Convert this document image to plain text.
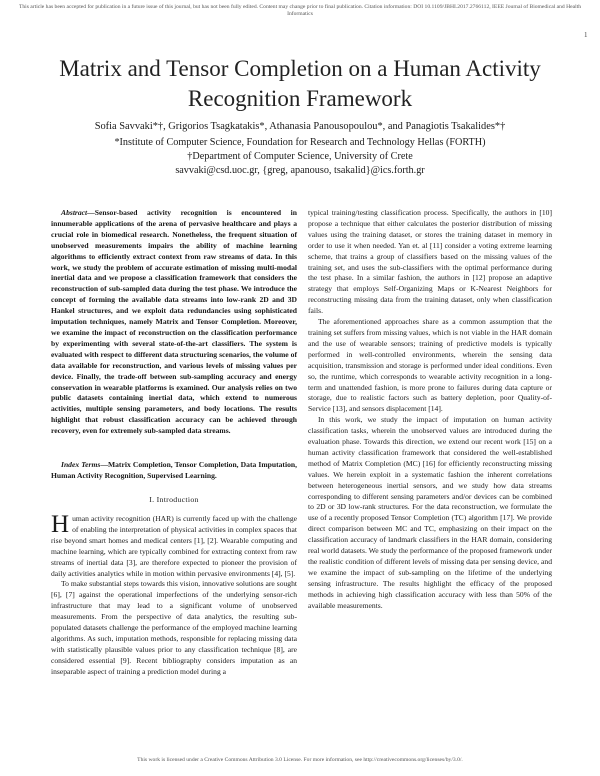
This article has been accepted for publication in a future issue of this journal, but has not been fully edited. Content may change prior to final publication. Citation information: DOI 10.1109/JBHI.2017.2766112, IEEE Journal of Biomedical and Health Informatics
1
Matrix and Tensor Completion on a Human Activity Recognition Framework
Sofia Savvaki*†, Grigorios Tsagkatakis*, Athanasia Panousopoulou*, and Panagiotis Tsakalides*†
*Institute of Computer Science, Foundation for Research and Technology Hellas (FORTH)
†Department of Computer Science, University of Crete
savvaki@csd.uoc.gr, {greg, apanouso, tsakalid}@ics.forth.gr

Abstract—Sensor-based activity recognition is encountered in innumerable applications of the arena of pervasive healthcare and plays a crucial role in biomedical research. Nonetheless, the frequent situation of unobserved measurements impairs the ability of machine learning algorithms to efficiently extract context from raw streams of data. In this work, we study the problem of accurate estimation of missing multi-modal inertial data and we propose a classification framework that considers the reconstruction of sub-sampled data during the test phase. We introduce the concept of forming the available data streams into low-rank 2D and 3D Hankel structures, and we exploit data redundancies using sophisticated imputation techniques, namely Matrix and Tensor Completion. Moreover, we examine the impact of reconstruction on the classification performance by experimenting with several state-of-the-art classifiers. The system is evaluated with respect to different data structuring scenarios, the volume of data available for reconstruction, and various levels of missing values per device. Finally, the trade-off between sub-sampling accuracy and energy conservation in wearable platforms is examined. Our analysis relies on two public datasets containing inertial data, which extend to numerous activities, multiple sensing parameters, and body locations. The results highlight that robust classification accuracy can be achieved through recovery, even for extremely sub-sampled data streams.

Index Terms—Matrix Completion, Tensor Completion, Data Imputation, Human Activity Recognition, Supervised Learning.

I. Introduction

Human activity recognition (HAR) is currently faced up with the challenge of enabling the interpretation of physical activities in complex spaces that rise beyond smart homes and medical centers [1], [2]. Wearable computing and machine learning, which are typically combined for extracting context from raw streams of inertial data [3], are therefore expected to pioneer the provision of daily activities analytics while in motion within pervasive environments [4], [5].

To make substantial steps towards this vision, innovative solutions are sought [6], [7] against the operational imperfections of the underlying sensor-rich infrastructure that may lead to a significant volume of unobserved measurements. From the perspective of data analytics, the resulting sub-populated datasets challenge the performance of the employed machine learning algorithms. As such, imputation methods, responsible for replacing missing data with statistically plausible values prior to any classification technique [8], are considered essential [9]. Recent bibliography considers imputation as an inseparable aspect of training a prediction model during a

typical training/testing classification process. Specifically, the authors in [10] propose a technique that either calculates the posterior distribution of missing values using the training dataset, or stores the training dataset in memory in order to use it when needed. Yan et. al [11] consider a voting extreme learning scheme, that trains a group of classifiers based on the missing values of the training set, and uses the sub-classifiers with the optimal performance during the test phase. In a similar fashion, the authors in [12] propose an adaptive strategy that employs Self-Organizing Maps or K-Nearest Neighbors for reconstructing missing data from the training dataset, only when classification fails.

The aforementioned approaches share as a common assumption that the training set suffers from missing values, which is not viable in the HAR domain and the use of wearable sensors; training of predictive models is typically performed in well-controlled environments, wherein the sensing data acquisition, transmission and storage is performed under ideal conditions. Even so, the runtime, which corresponds to wearable activity recognition in a long-term and unattended fashion, is more prone to failures during data capture or storage, due to realistic factors such as battery depletion, poor Quality-of-Service [13], and sensors displacement [14].

In this work, we study the impact of imputation on human activity classification tasks, wherein the unobserved values are introduced during the evaluation phase. Towards this direction, we extend our recent work [15] on a human activity classification framework that considered the well-established method of Matrix Completion (MC) [16] for efficiently reconstructing missing values. We herein exploit in a systematic fashion the inherent correlations between heterogeneous inertial sensors, and we study how data streams corresponding to different sensing parameters and/or devices can be combined to 2D or 3D low-rank structures. For the data reconstruction, we formulate the use of a recently proposed Tensor Completion (TC) algorithm [17]. We provide direct comparison between MC and TC, emphasizing on their impact on the classification accuracy of landmark classifiers in the HAR domain, considering real world datasets. We study the performance of the proposed framework under the realistic condition of different levels of missing data per sensing device, and we examine the impact of sub-sampling on the lifetime of the underlying sensing infrastructure. The results highlight the efficacy of the proposed methods in achieving high classification accuracy with less than 50% of the available measurements.

This work is licensed under a Creative Commons Attribution 3.0 License. For more information, see http://creativecommons.org/licenses/by/3.0/.
